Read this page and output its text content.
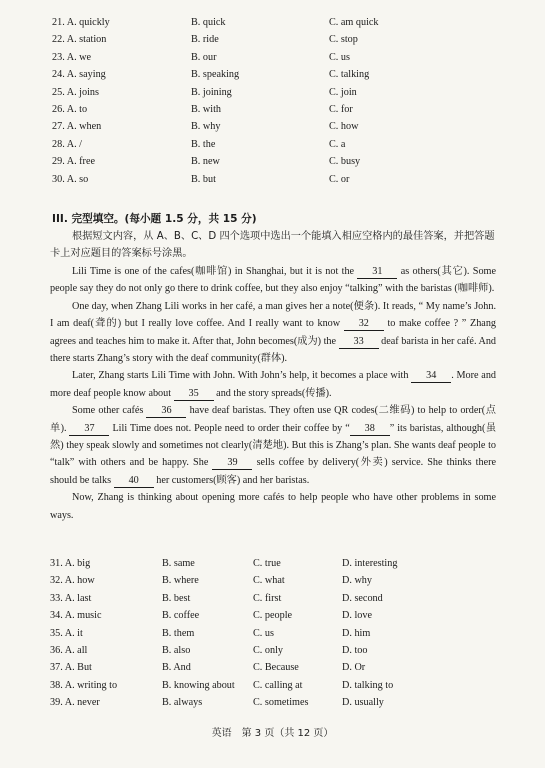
21. A. quickly	B. quick	C. am quick
22. A. station	B. ride	C. stop
23. A. we	B. our	C. us
24. A. saying	B. speaking	C. talking
25. A. joins	B. joining	C. join
26. A. to	B. with	C. for
27. A. when	B. why	C. how
28. A. /	B. the	C. a
29. A. free	B. new	C. busy
30. A. so	B. but	C. or
III. 完型填空。(每小题 1.5 分，共 15 分)

根据短文内容，从 A、B、C、D 四个选项中选出一个能填入相应空格内的最佳答案，并把答题卡上对应题目的答案标号涂黑。

Lili Time is one of the cafes(咖啡馆) in Shanghai, but it is not the 31 as others(其它). Some people say they do not only go there to drink coffee, but they also enjoy “talking” with the baristas (咖啡师).

One day, when Zhang Lili works in her café, a man gives her a note(便条). It reads, “ My name’s John. I am deaf(聋的) but I really love coffee. And I really want to know 32 to make coffee ? ” Zhang agrees and teaches him to make it. After that, John becomes(成为) the 33 deaf barista in her café. And there starts Zhang’s story with the deaf community(群体).

Later, Zhang starts Lili Time with John. With John’s help, it becomes a place with 34 . More and more deaf people know about 35 and the story spreads(传播).

Some other cafés 36 have deaf baristas. They often use QR codes(二维码) to help to order(点单). 37 Lili Time does not. People need to order their coffee by “ 38 ” its baristas, although(虽然) they speak slowly and sometimes not clearly(清楚地). But this is Zhang’s plan. She wants deaf people to “talk” with others and be happy. She 39 sells coffee by delivery(外卖) service. She thinks there should be talks 40 her customers(顾客) and her baristas.

Now, Zhang is thinking about opening more cafés to help people who have other problems in some ways.

31. A. big	B. same	C. true	D. interesting
32. A. how	B. where	C. what	D. why
33. A. last	B. best	C. first	D. second
34. A. music	B. coffee	C. people	D. love
35. A. it	B. them	C. us	D. him
36. A. all	B. also	C. only	D. too
37. A. But	B. And	C. Because	D. Or
38. A. writing to	B. knowing about	C. calling at	D. talking to
39. A. never	B. always	C. sometimes	D. usually
英语　第 3 页（共 12 页）
